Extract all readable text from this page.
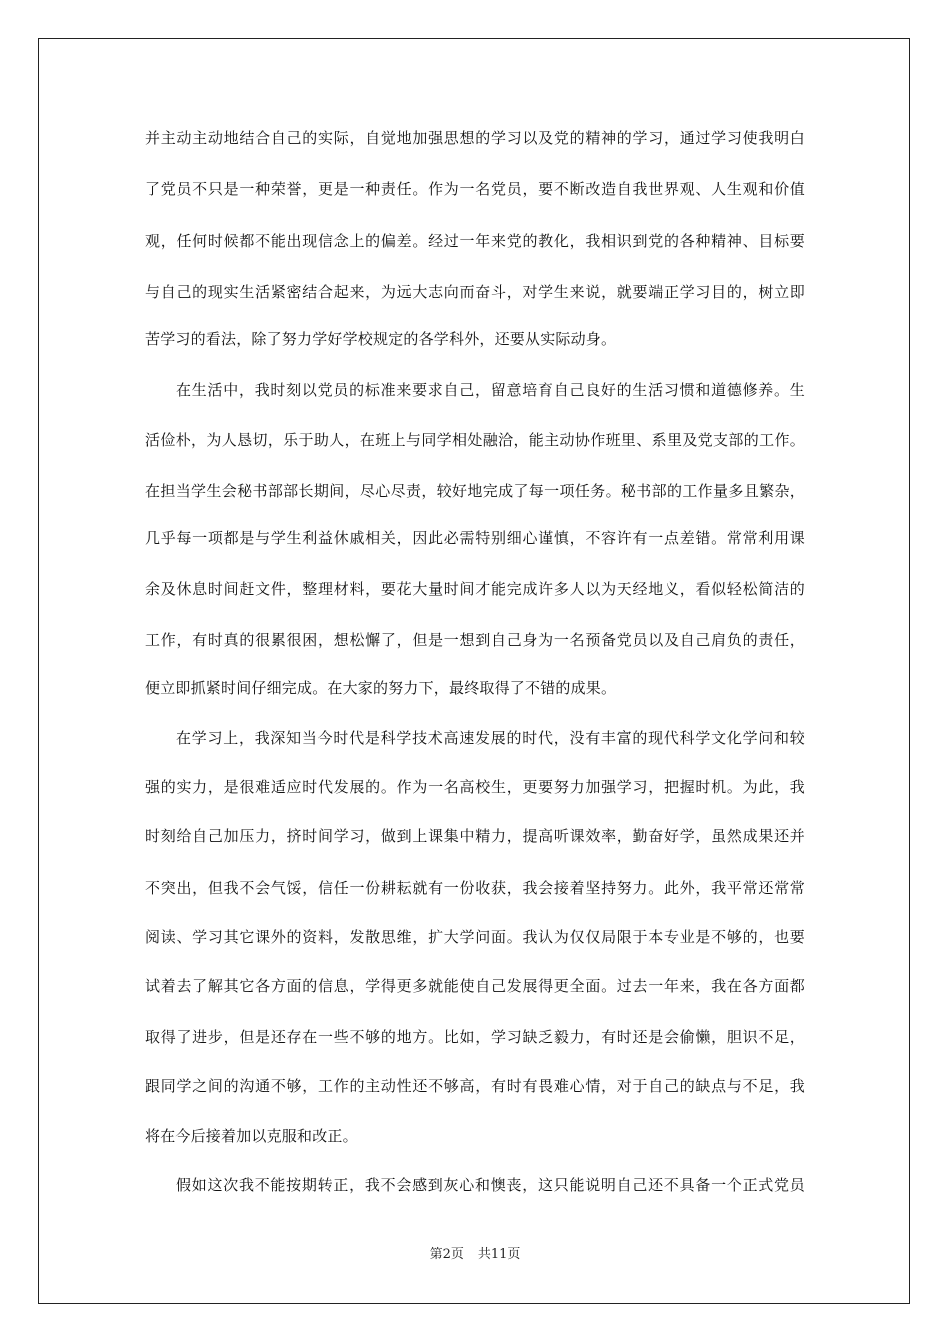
并主动主动地结合自己的实际，自觉地加强思想的学习以及党的精神的学习，通过学习使我明白
了党员不只是一种荣誉，更是一种责任。作为一名党员，要不断改造自我世界观、人生观和价值
观，任何时候都不能出现信念上的偏差。经过一年来党的教化，我相识到党的各种精神、目标要
与自己的现实生活紧密结合起来，为远大志向而奋斗，对学生来说，就要端正学习目的，树立即
苦学习的看法，除了努力学好学校规定的各学科外，还要从实际动身。
在生活中，我时刻以党员的标准来要求自己，留意培育自己良好的生活习惯和道德修养。生
活俭朴，为人恳切，乐于助人，在班上与同学相处融洽，能主动协作班里、系里及党支部的工作。
在担当学生会秘书部部长期间，尽心尽责，较好地完成了每一项任务。秘书部的工作量多且繁杂，
几乎每一项都是与学生利益休戚相关，因此必需特别细心谨慎，不容许有一点差错。常常利用课
余及休息时间赶文件，整理材料，要花大量时间才能完成许多人以为天经地义，看似轻松简洁的
工作，有时真的很累很困，想松懈了，但是一想到自己身为一名预备党员以及自己肩负的责任，
便立即抓紧时间仔细完成。在大家的努力下，最终取得了不错的成果。
在学习上，我深知当今时代是科学技术高速发展的时代，没有丰富的现代科学文化学问和较
强的实力，是很难适应时代发展的。作为一名高校生，更要努力加强学习，把握时机。为此，我
时刻给自己加压力，挤时间学习，做到上课集中精力，提高听课效率，勤奋好学，虽然成果还并
不突出，但我不会气馁，信任一份耕耘就有一份收获，我会接着坚持努力。此外，我平常还常常
阅读、学习其它课外的资料，发散思维，扩大学问面。我认为仅仅局限于本专业是不够的，也要
试着去了解其它各方面的信息，学得更多就能使自己发展得更全面。过去一年来，我在各方面都
取得了进步，但是还存在一些不够的地方。比如，学习缺乏毅力，有时还是会偷懒，胆识不足，
跟同学之间的沟通不够，工作的主动性还不够高，有时有畏难心情，对于自己的缺点与不足，我
将在今后接着加以克服和改正。
假如这次我不能按期转正，我不会感到灰心和懊丧，这只能说明自己还不具备一个正式党员
第2页 共11页
